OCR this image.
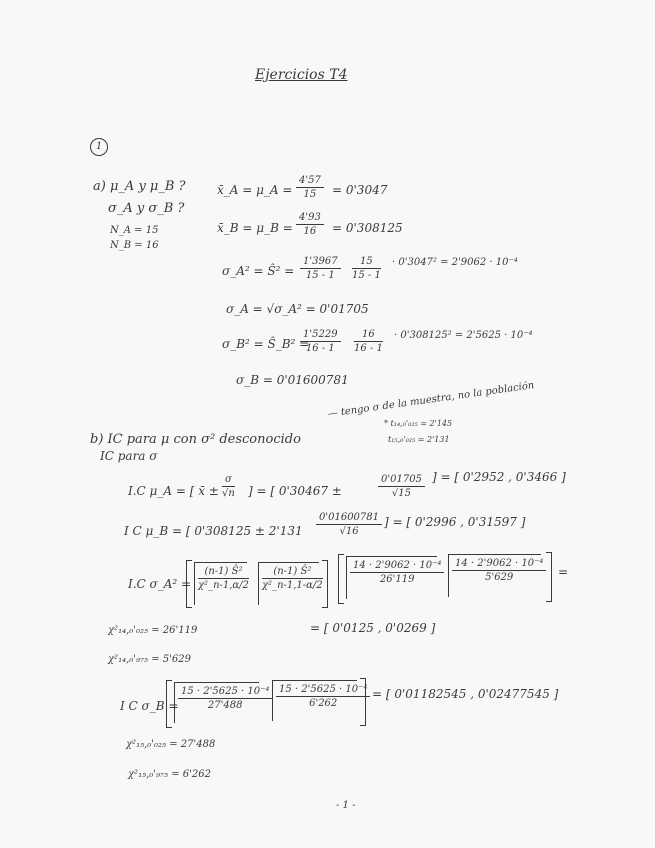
Ejercicios T4
1
a) μ_A y μ_B ?
σ_A y σ_B ?
N_A = 15
N_B = 16
x̄_A = μ_A = $\frac{4'57}{15} = 0'3047$
x̄_B = μ_B = $\frac{4'93}{16} = 0'308125$
σ_A² = Ŝ² = $\frac{1'3967}{15 - 1} \frac{15}{15 - 1} \cdot 0'3047^2 = 2'9062 \cdot 10^{-4}$
σ_A = √σ_A² = 0'01705
σ_B² = Ŝ_B² =
$\frac{1'5229}{16 - 1} \frac{16}{16 - 1} \cdot 0'308125^2 = 2'5625 \cdot 10^{-4}$
σ_B = 0'01600781
b) IC para μ con σ² desconocido
— tengo σ de la muestra, no la población
IC para σ
* t₁₄,₀'₀₂₅ = 2'145
t₁₅,₀'₀₂₅ = 2'131
I.C μ_A = [ x̄ ± $\frac{\sigma}{√n}$ ] = [ 0'30467 ±	$\frac{0'01705}{√15}$ ] = [ 0'2952 , 0'3466 ]
I C μ_B = [ $0'308125 \pm 2'131 \frac{0'01600781}{√16}$ ] = [ 0'2996 , 0'31597 ]
I.C σ_A² = $\frac{\text{(n-1) Ŝ²}}{\text{χ²\_n-1,α/2}} \frac{\text{(n-1) Ŝ²}}{\text{χ²\_n-1,1-α/2}}$	$\frac{\text{14 · 2'9062 · 10⁻⁴}}{26'119} \frac{\text{14 · 2'9062 · 10⁻⁴}}{5'629}$ =
χ²₁₄,₀'₀₂₅ = 26'119	= [ 0'0125 , 0'0269 ]
χ²₁₄,₀'₉₇₅ = 5'629
I C σ_B = $\frac{\text{15 · 2'5625 · 10⁻⁴}}{27'488} \frac{\text{15 · 2'5625 · 10⁻⁴}}{6'262}$ = [ 0'01182545 , 0'02477545 ]
χ²₁₅,₀'₀₂₅ = 27'488
χ²₁₅,₀'₉₇₅ = 6'262
- 1 -
